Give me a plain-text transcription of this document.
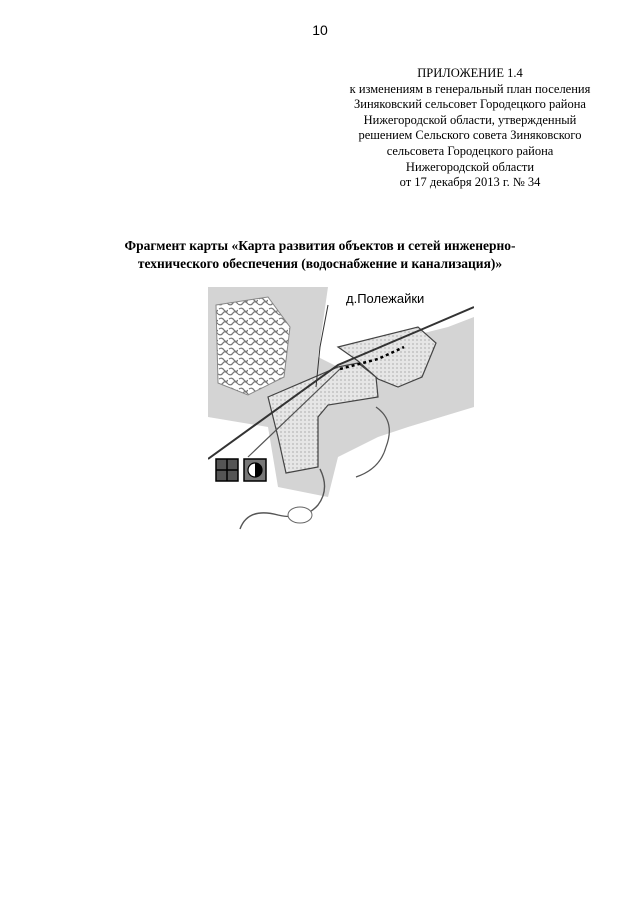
10
ПРИЛОЖЕНИЕ 1.4
к изменениям в генеральный план поселения
Зиняковский сельсовет Городецкого района
Нижегородской области, утвержденный
решением Сельского совета Зиняковского
сельсовета Городецкого района
Нижегородской области
от 17 декабря 2013 г. № 34
Фрагмент карты «Карта развития объектов и сетей инженерно-
технического обеспечения (водоснабжение и канализация)»
д.Полежайки
